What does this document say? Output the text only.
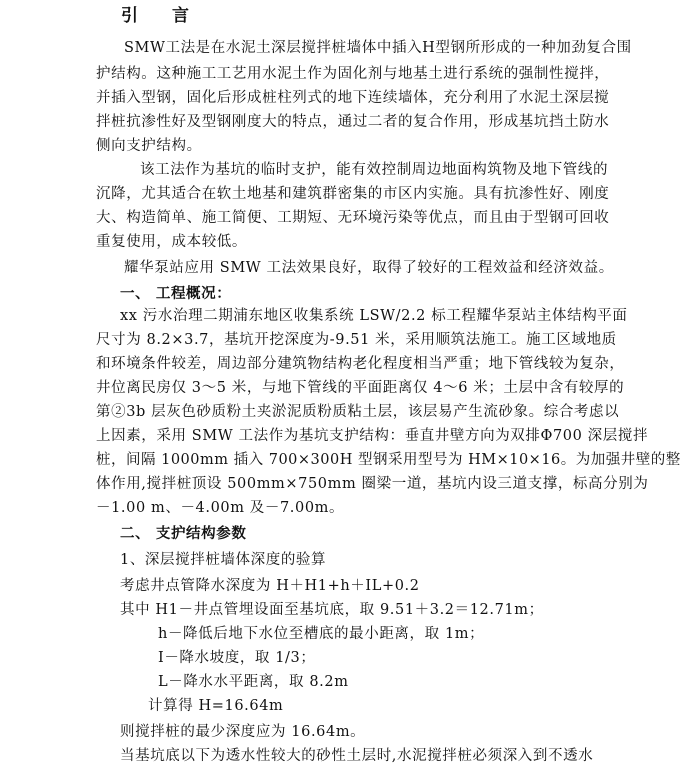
引 言
SMW工法是在水泥土深层搅拌桩墙体中插入H型钢所形成的一种加劲复合围
护结构。这种施工工艺用水泥土作为固化剂与地基土进行系统的强制性搅拌，
并插入型钢，固化后形成桩柱列式的地下连续墙体，充分利用了水泥土深层搅
拌桩抗渗性好及型钢刚度大的特点，通过二者的复合作用，形成基坑挡土防水
侧向支护结构。
该工法作为基坑的临时支护，能有效控制周边地面构筑物及地下管线的
沉降，尤其适合在软土地基和建筑群密集的市区内实施。具有抗渗性好、刚度
大、构造简单、施工简便、工期短、无环境污染等优点，而且由于型钢可回收
重复使用，成本较低。
耀华泵站应用 SMW 工法效果良好，取得了较好的工程效益和经济效益。
一、 工程概况：
xx 污水治理二期浦东地区收集系统 LSW/2.2 标工程耀华泵站主体结构平面
尺寸为 8.2×3.7，基坑开挖深度为-9.51 米，采用顺筑法施工。施工区域地质
和环境条件较差，周边部分建筑物结构老化程度相当严重；地下管线较为复杂，
井位离民房仅 3～5 米，与地下管线的平面距离仅 4～6 米；土层中含有较厚的
第②3b 层灰色砂质粉土夹淤泥质粉质粘土层，该层易产生流砂象。综合考虑以
上因素，采用 SMW 工法作为基坑支护结构：垂直井壁方向为双排Φ700 深层搅拌
桩，间隔 1000mm 插入 700×300H 型钢采用型号为 HM×10×16。为加强井壁的整
体作用,搅拌桩顶设 500mm×750mm 圈梁一道，基坑内设三道支撑，标高分别为
－1.00 m、－4.00m 及－7.00m。
二、 支护结构参数
1、深层搅拌桩墙体深度的验算
考虑井点管降水深度为 H＋H1+h＋IL+0.2
其中 H1－井点管埋设面至基坑底，取 9.51＋3.2＝12.71m；
h－降低后地下水位至槽底的最小距离，取 1m；
I－降水坡度，取 1/3；
L－降水水平距离，取 8.2m
计算得 H=16.64m
则搅拌桩的最少深度应为 16.64m。
当基坑底以下为透水性较大的砂性土层时,水泥搅拌桩必须深入到不透水
